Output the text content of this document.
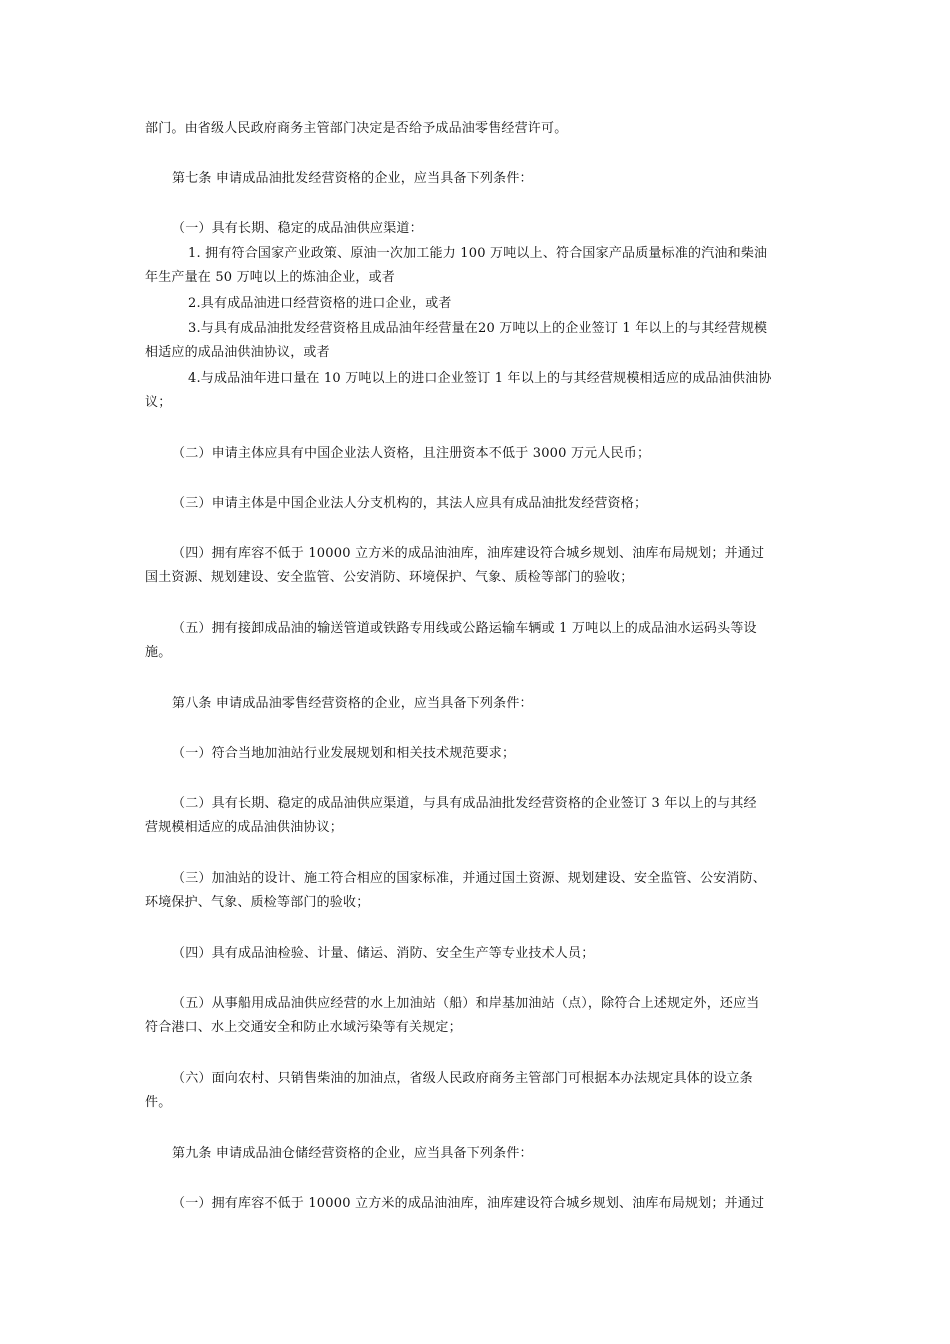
部门。由省级人民政府商务主管部门决定是否给予成品油零售经营许可。
第七条 申请成品油批发经营资格的企业，应当具备下列条件：
（一）具有长期、稳定的成品油供应渠道：
1. 拥有符合国家产业政策、原油一次加工能力 100 万吨以上、符合国家产品质量标准的汽油和柴油
年生产量在 50 万吨以上的炼油企业，或者
2.具有成品油进口经营资格的进口企业，或者
3.与具有成品油批发经营资格且成品油年经营量在20 万吨以上的企业签订 1 年以上的与其经营规模
相适应的成品油供油协议，或者
4.与成品油年进口量在 10 万吨以上的进口企业签订 1 年以上的与其经营规模相适应的成品油供油协
议；
（二）申请主体应具有中国企业法人资格，且注册资本不低于 3000 万元人民币；
（三）申请主体是中国企业法人分支机构的，其法人应具有成品油批发经营资格；
（四）拥有库容不低于 10000 立方米的成品油油库，油库建设符合城乡规划、油库布局规划；并通过
国土资源、规划建设、安全监管、公安消防、环境保护、气象、质检等部门的验收；
（五）拥有接卸成品油的输送管道或铁路专用线或公路运输车辆或 1 万吨以上的成品油水运码头等设
施。
第八条 申请成品油零售经营资格的企业，应当具备下列条件：
（一）符合当地加油站行业发展规划和相关技术规范要求；
（二）具有长期、稳定的成品油供应渠道，与具有成品油批发经营资格的企业签订 3 年以上的与其经
营规模相适应的成品油供油协议；
（三）加油站的设计、施工符合相应的国家标准，并通过国土资源、规划建设、安全监管、公安消防、
环境保护、气象、质检等部门的验收；
（四）具有成品油检验、计量、储运、消防、安全生产等专业技术人员；
（五）从事船用成品油供应经营的水上加油站（船）和岸基加油站（点），除符合上述规定外，还应当
符合港口、水上交通安全和防止水域污染等有关规定；
（六）面向农村、只销售柴油的加油点，省级人民政府商务主管部门可根据本办法规定具体的设立条
件。
第九条 申请成品油仓储经营资格的企业，应当具备下列条件：
（一）拥有库容不低于 10000 立方米的成品油油库，油库建设符合城乡规划、油库布局规划；并通过
